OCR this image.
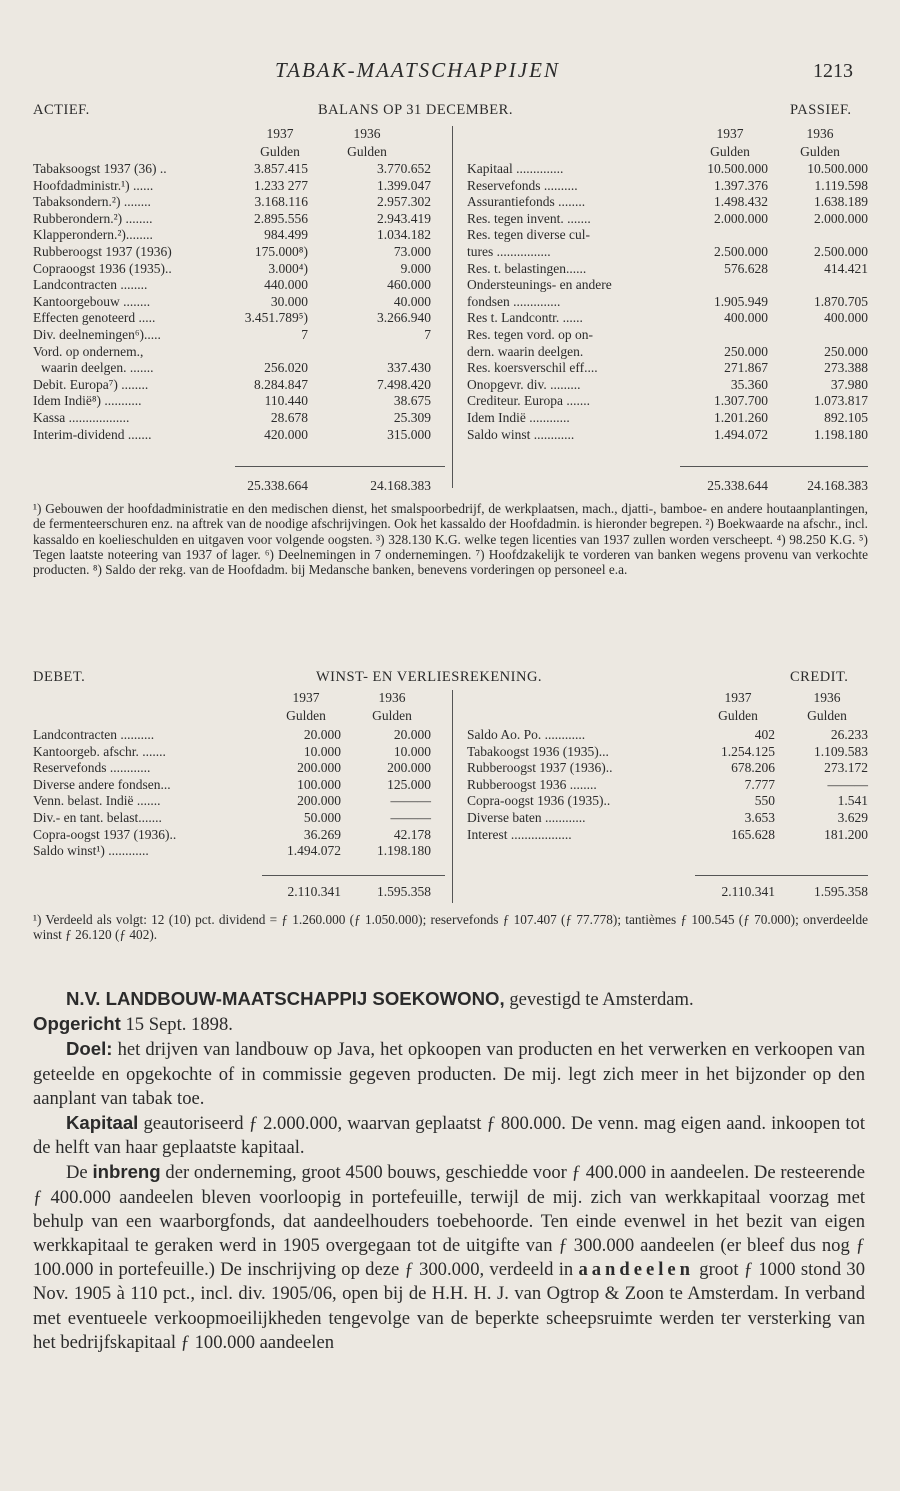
TABAK-MAATSCHAPPIJEN	1213
ACTIEF.	BALANS OP 31 DECEMBER.	PASSIEF.
1937	1936
Gulden	Gulden
1937	1936
Gulden	Gulden
Tabaksoogst 1937 (36) ..	3.857.415	3.770.652
Hoofdadministr.¹) ......	1.233 277	1.399.047
Tabaksondern.²) ........	3.168.116	2.957.302
Rubberondern.²) ........	2.895.556	2.943.419
Klapperondern.²)........	984.499	1.034.182
Rubberoogst 1937 (1936)	175.000⁸)	73.000
Copraoogst 1936 (1935)..	3.000⁴)	9.000
Landcontracten ........	440.000	460.000
Kantoorgebouw ........	30.000	40.000
Effecten genoteerd .....	3.451.789⁵)	3.266.940
Div. deelnemingen⁶).....	7	7
Vord. op ondernem.,
waarin deelgen. .......	256.020	337.430
Debit. Europa⁷) ........	8.284.847	7.498.420
Idem Indië⁸) ...........	110.440	38.675
Kassa ..................	28.678	25.309
Interim-dividend .......	420.000	315.000
Kapitaal ..............	10.500.000	10.500.000
Reservefonds ..........	1.397.376	1.119.598
Assurantiefonds ........	1.498.432	1.638.189
Res. tegen invent. .......	2.000.000	2.000.000
Res. tegen diverse cul-
tures ................	2.500.000	2.500.000
Res. t. belastingen......	576.628	414.421
Ondersteunings- en andere
fondsen ..............	1.905.949	1.870.705
Res t. Landcontr. ......	400.000	400.000
Res. tegen vord. op on-
dern. waarin deelgen.	250.000	250.000
Res. koersverschil eff....	271.867	273.388
Onopgevr. div. .........	35.360	37.980
Crediteur. Europa .......	1.307.700	1.073.817
Idem Indië ............	1.201.260	892.105
Saldo winst ............	1.494.072	1.198.180
25.338.664	24.168.383	25.338.644	24.168.383
¹) Gebouwen der hoofdadministratie en den medischen dienst, het smalspoorbedrijf, de werkplaatsen, mach., djatti-, bamboe- en andere houtaanplantingen, de fermenteerschuren enz. na aftrek van de noodige afschrijvingen. Ook het kassaldo der Hoofdadmin. is hieronder begrepen. ²) Boekwaarde na afschr., incl. kassaldo en koelieschulden en uitgaven voor volgende oogsten. ³) 328.130 K.G. welke tegen licenties van 1937 zullen worden verscheept. ⁴) 98.250 K.G. ⁵) Tegen laatste noteering van 1937 of lager. ⁶) Deelnemingen in 7 ondernemingen. ⁷) Hoofdzakelijk te vorderen van banken wegens provenu van verkochte producten. ⁸) Saldo der rekg. van de Hoofdadm. bij Medansche banken, benevens vorderingen op personeel e.a.
DEBET.	WINST- EN VERLIESREKENING.	CREDIT.
1937	1936
Gulden	Gulden
1937	1936
Gulden	Gulden
Landcontracten ..........	20.000	20.000
Kantoorgeb. afschr. .......	10.000	10.000
Reservefonds ............	200.000	200.000
Diverse andere fondsen...	100.000	125.000
Venn. belast. Indië .......	200.000	———
Div.- en tant. belast.......	50.000	———
Copra-oogst 1937 (1936)..	36.269	42.178
Saldo winst¹) ............	1.494.072	1.198.180
Saldo Ao. Po. ............	402	26.233
Tabakoogst 1936 (1935)...	1.254.125	1.109.583
Rubberoogst 1937 (1936)..	678.206	273.172
Rubberoogst 1936 ........	7.777	———
Copra-oogst 1936 (1935)..	550	1.541
Diverse baten ............	3.653	3.629
Interest ..................	165.628	181.200
2.110.341	1.595.358	2.110.341	1.595.358
¹) Verdeeld als volgt: 12 (10) pct. dividend = ƒ 1.260.000 (ƒ 1.050.000); reservefonds ƒ 107.407 (ƒ 77.778); tantièmes ƒ 100.545 (ƒ 70.000); onverdeelde winst ƒ 26.120 (ƒ 402).

N.V. LANDBOUW-MAATSCHAPPIJ SOEKOWONO, gevestigd te Amsterdam.

Opgericht 15 Sept. 1898.

Doel: het drijven van landbouw op Java, het opkoopen van producten en het verwerken en verkoopen van geteelde en opgekochte of in commissie gegeven producten. De mij. legt zich meer in het bijzonder op den aanplant van tabak toe.

Kapitaal geautoriseerd ƒ 2.000.000, waarvan geplaatst ƒ 800.000. De venn. mag eigen aand. inkoopen tot de helft van haar geplaatste kapitaal.

De inbreng der onderneming, groot 4500 bouws, geschiedde voor ƒ 400.000 in aandeelen. De resteerende ƒ 400.000 aandeelen bleven voorloopig in portefeuille, terwijl de mij. zich van werkkapitaal voorzag met behulp van een waarborgfonds, dat aandeelhouders toebehoorde. Ten einde evenwel in het bezit van eigen werkkapitaal te geraken werd in 1905 overgegaan tot de uitgifte van ƒ 300.000 aandeelen (er bleef dus nog ƒ 100.000 in portefeuille.) De inschrijving op deze ƒ 300.000, verdeeld in aandeelen groot ƒ 1000 stond 30 Nov. 1905 à 110 pct., incl. div. 1905/06, open bij de H.H. H. J. van Ogtrop & Zoon te Amsterdam. In verband met eventueele verkoopmoeilijkheden tengevolge van de beperkte scheepsruimte werden ter versterking van het bedrijfskapitaal ƒ 100.000 aandeelen
